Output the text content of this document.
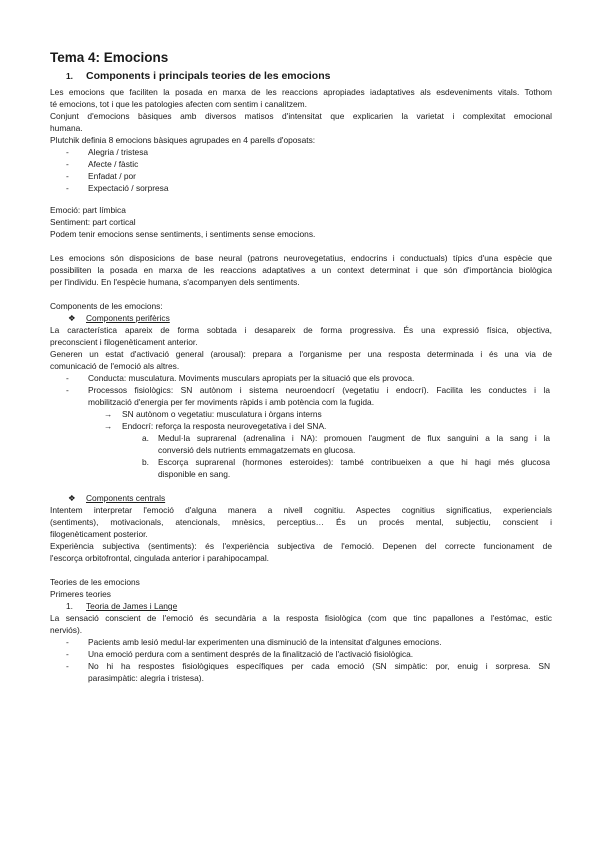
Tema 4: Emocions
1. Components i principals teories de les emocions
Les emocions que faciliten la posada en marxa de les reaccions apropiades iadaptatives als esdeveniments vitals. Tothom
té emocions, tot i que les patologies afecten com sentim i canalitzem.
Conjunt d'emocions bàsiques amb diversos matisos d'intensitat que explicarien la varietat i complexitat emocional
humana.
Plutchik definia 8 emocions bàsiques agrupades en 4 parells d'oposats:
- Alegria / tristesa
- Afecte / fàstic
- Enfadat / por
- Expectació / sorpresa
Emoció: part límbica
Sentiment: part cortical
Podem tenir emocions sense sentiments, i sentiments sense emocions.
Les emocions són disposicions de base neural (patrons neurovegetatius, endocrins i conductuals) típics d'una espècie que
possibiliten la posada en marxa de les reaccions adaptatives a un context determinat i que són d'importància biològica
per l'individu. En l'espècie humana, s'acompanyen dels sentiments.
Components de les emocions:
❖ Components perifèrics
La característica apareix de forma sobtada i desapareix de forma progressiva. És una expressió física, objectiva,
preconscient i filogenèticament anterior.
Generen un estat d'activació general (arousal): prepara a l'organisme per una resposta determinada i és una via de
comunicació de l'emoció als altres.
- Conducta: musculatura. Moviments musculars apropiats per la situació que els provoca.
- Processos fisiològics: SN autònom i sistema neuroendocrí (vegetatiu i endocrí). Facilita les conductes i la
mobilització d'energia per fer moviments ràpids i amb potència com la fugida.
→ SN autònom o vegetatiu: musculatura i òrgans interns
→ Endocrí: reforça la resposta neurovegetativa i del SNA.
a. Medul·la suprarenal (adrenalina i NA): promouen l'augment de flux sanguini a la sang i la
conversió dels nutrients emmagatzemats en glucosa.
b. Escorça suprarenal (hormones esteroides): també contribueixen a que hi hagi més glucosa
disponible en sang.
❖ Components centrals
Intentem interpretar l'emoció d'alguna manera a nivell cognitiu. Aspectes cognitius significatius, experiencials
(sentiments), motivacionals, atencionals, mnèsics, perceptius… És un procés mental, subjectiu, conscient i
filogenèticament posterior.
Experiència subjectiva (sentiments): és l'experiència subjectiva de l'emoció. Depenen del correcte funcionament de
l'escorça orbitofrontal, cingulada anterior i parahipocampal.
Teories de les emocions
Primeres teories
1. Teoria de James i Lange
La sensació conscient de l'emoció és secundària a la resposta fisiològica (com que tinc papallones a l'estómac, estic
nerviós).
- Pacients amb lesió medul·lar experimenten una disminució de la intensitat d'algunes emocions.
- Una emoció perdura com a sentiment després de la finalització de l'activació fisiològica.
- No hi ha respostes fisiològiques específiques per cada emoció (SN simpàtic: por, enuig i sorpresa. SN
parasimpàtic: alegria i tristesa).
